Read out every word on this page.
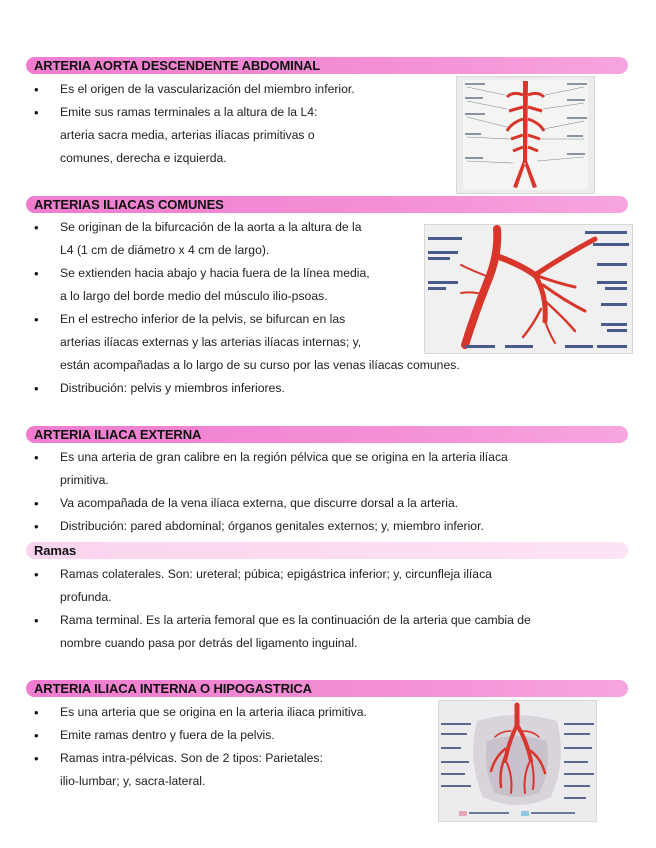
ARTERIA AORTA DESCENDENTE ABDOMINAL
• Es el origen de la vascularización del miembro inferior.
• Emite sus ramas terminales a la altura de la L4:
arteria sacra media, arterias ilíacas primitivas o
comunes, derecha e izquierda.
ARTERIAS ILIACAS COMUNES
• Se originan de la bifurcación de la aorta a la altura de la
L4 (1 cm de diámetro x 4 cm de largo).
• Se extienden hacia abajo y hacia fuera de la línea media,
a lo largo del borde medio del músculo ilio-psoas.
• En el estrecho inferior de la pelvis, se bifurcan en las
arterias ilíacas externas y las arterias ilíacas internas; y,
están acompañadas a lo largo de su curso por las venas ilíacas comunes.
• Distribución: pelvis y miembros inferiores.
ARTERIA ILIACA EXTERNA
• Es una arteria de gran calibre en la región pélvica que se origina en la arteria ilíaca
primitiva.
• Va acompañada de la vena ilíaca externa, que discurre dorsal a la arteria.
• Distribución: pared abdominal; órganos genitales externos; y, miembro inferior.
Ramas
• Ramas colaterales. Son: ureteral; púbica; epigástrica inferior; y, circunfleja ilíaca
profunda.
• Rama terminal. Es la arteria femoral que es la continuación de la arteria que cambia de
nombre cuando pasa por detrás del ligamento inguinal.
ARTERIA ILIACA INTERNA O HIPOGASTRICA
• Es una arteria que se origina en la arteria iliaca primitiva.
• Emite ramas dentro y fuera de la pelvis.
• Ramas intra-pélvicas. Son de 2 tipos: Parietales:
ilio-lumbar; y, sacra-lateral.
